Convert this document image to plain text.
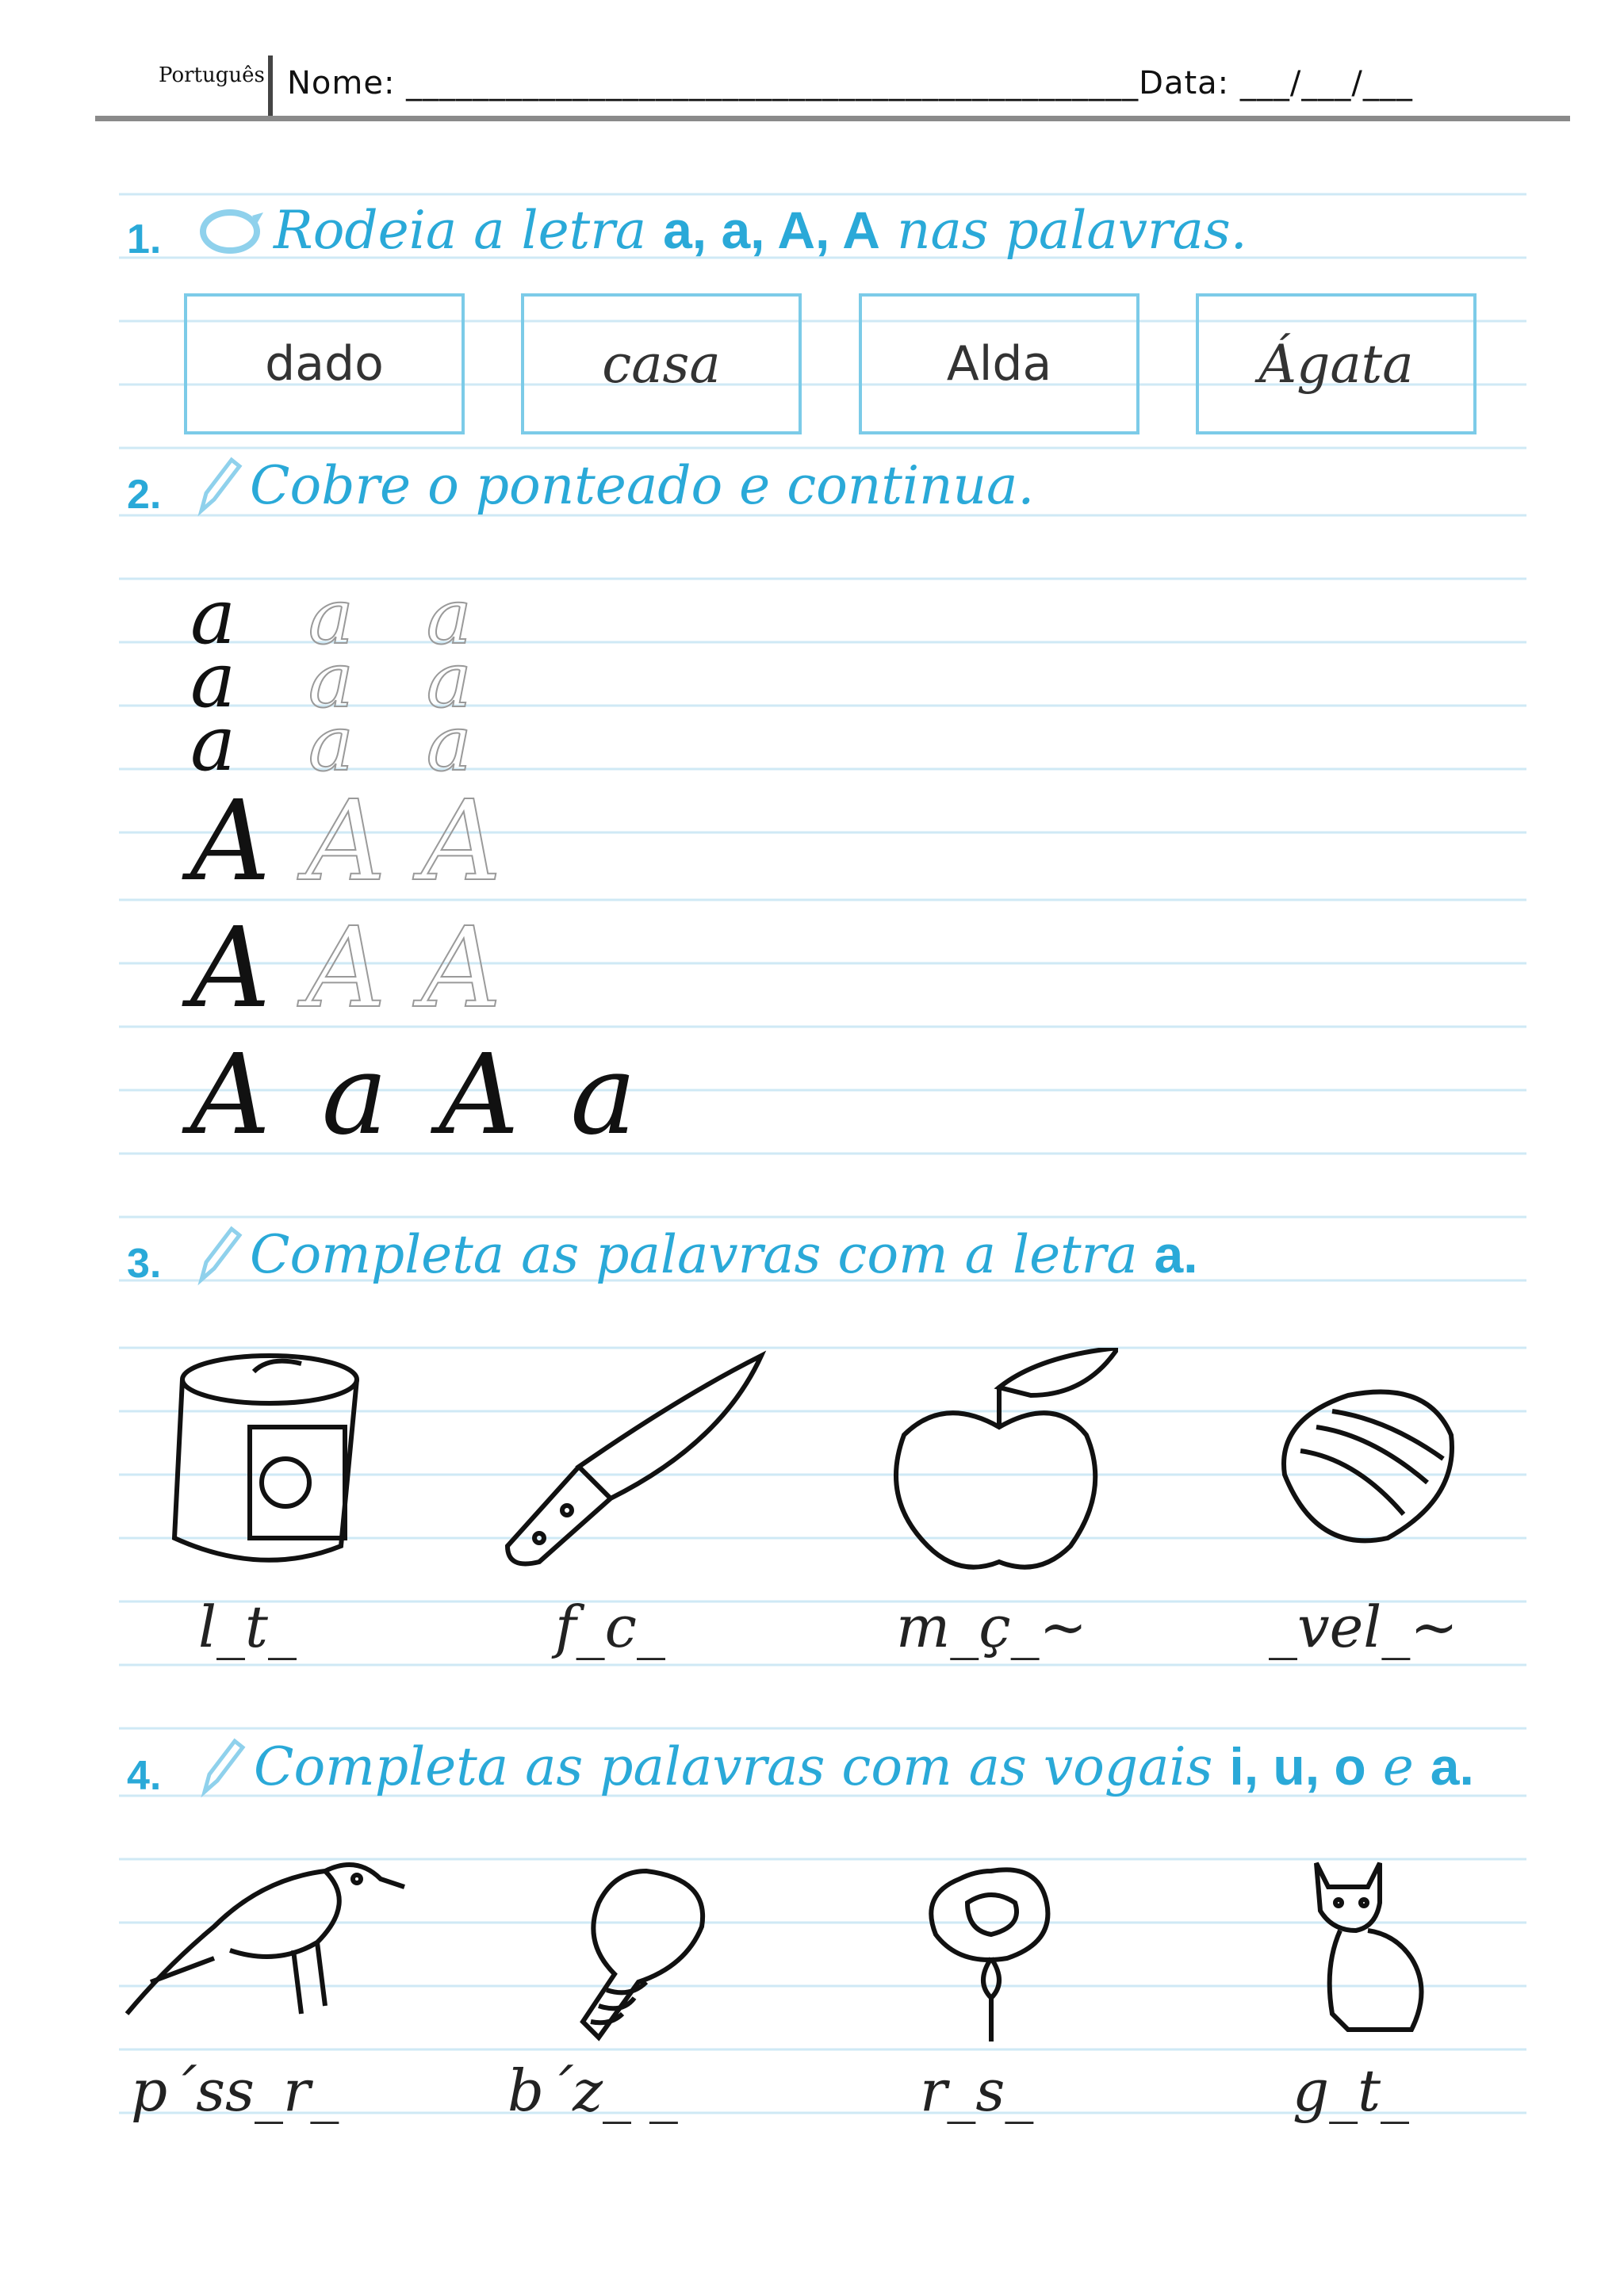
Português Nome: ____________________________________________Data: ___/___/___
1. Rodeia a letra a, a, A, A nas palavras.
dado	casa	Alda	Ágata
2. Cobre o ponteado e continua.
a a a
a a a
a a a
A A A
A A A
A a A a
3. Completa as palavras com a letra a.
l_t_	f_c_	m_ç_~	_vel_~
4. Completa as palavras com as vogais i, u, o e a.
p´ss_r_	b´z_ _	r_s_	g_t_
